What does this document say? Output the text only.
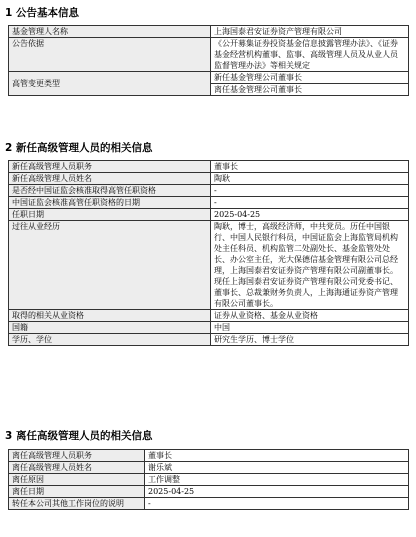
1 公告基本信息
基金管理人名称	上海国泰君安证券资产管理有限公司
公告依据	《公开募集证券投资基金信息披露管理办法》、《证券基金经营机构董事、监事、高级管理人员及从业人员监督管理办法》等相关规定
高管变更类型	新任基金管理公司董事长
	离任基金管理公司董事长
2 新任高级管理人员的相关信息
新任高级管理人员职务	董事长
新任高级管理人员姓名	陶耿
是否经中国证监会核准取得高管任职资格	-
中国证监会核准高管任职资格的日期	-
任职日期	2025-04-25
过往从业经历	陶耿，博士，高级经济师，中共党员。历任中国银行、中国人民银行科员，中国证监会上海监管局机构处主任科员、机构监管二处副处长、基金监管处处长、办公室主任，光大保德信基金管理有限公司总经理，上海国泰君安证券资产管理有限公司副董事长。现任上海国泰君安证券资产管理有限公司党委书记、董事长、总裁兼财务负责人，上海海通证券资产管理有限公司董事长。
取得的相关从业资格	证券从业资格、基金从业资格
国籍	中国
学历、学位	研究生学历、博士学位
3 离任高级管理人员的相关信息
离任高级管理人员职务	董事长
离任高级管理人员姓名	谢乐斌
离任原因	工作调整
离任日期	2025-04-25
转任本公司其他工作岗位的说明	-
